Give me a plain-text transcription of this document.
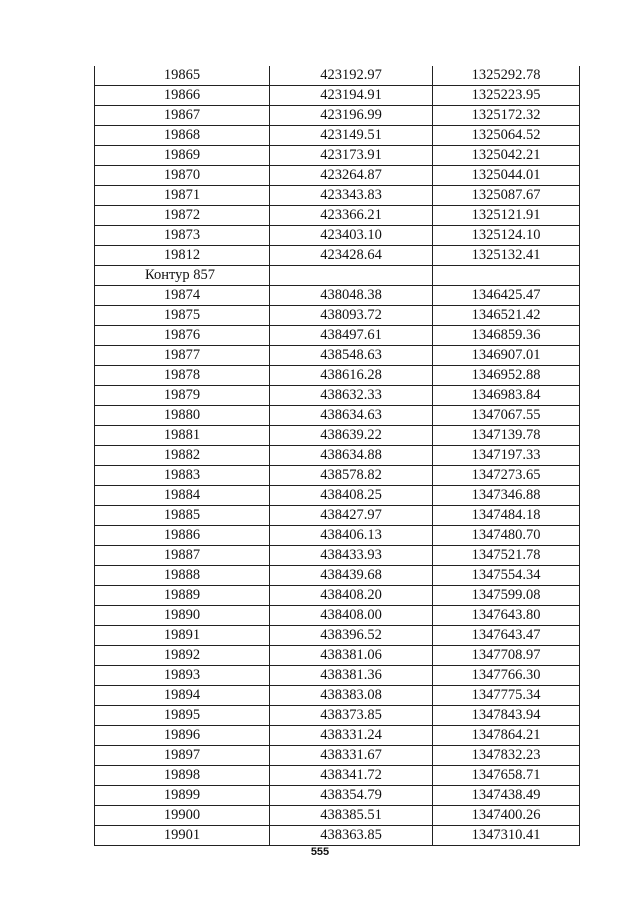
19865	423192.97	1325292.78
19866	423194.91	1325223.95
19867	423196.99	1325172.32
19868	423149.51	1325064.52
19869	423173.91	1325042.21
19870	423264.87	1325044.01
19871	423343.83	1325087.67
19872	423366.21	1325121.91
19873	423403.10	1325124.10
19812	423428.64	1325132.41
Контур 857		
19874	438048.38	1346425.47
19875	438093.72	1346521.42
19876	438497.61	1346859.36
19877	438548.63	1346907.01
19878	438616.28	1346952.88
19879	438632.33	1346983.84
19880	438634.63	1347067.55
19881	438639.22	1347139.78
19882	438634.88	1347197.33
19883	438578.82	1347273.65
19884	438408.25	1347346.88
19885	438427.97	1347484.18
19886	438406.13	1347480.70
19887	438433.93	1347521.78
19888	438439.68	1347554.34
19889	438408.20	1347599.08
19890	438408.00	1347643.80
19891	438396.52	1347643.47
19892	438381.06	1347708.97
19893	438381.36	1347766.30
19894	438383.08	1347775.34
19895	438373.85	1347843.94
19896	438331.24	1347864.21
19897	438331.67	1347832.23
19898	438341.72	1347658.71
19899	438354.79	1347438.49
19900	438385.51	1347400.26
19901	438363.85	1347310.41
555
